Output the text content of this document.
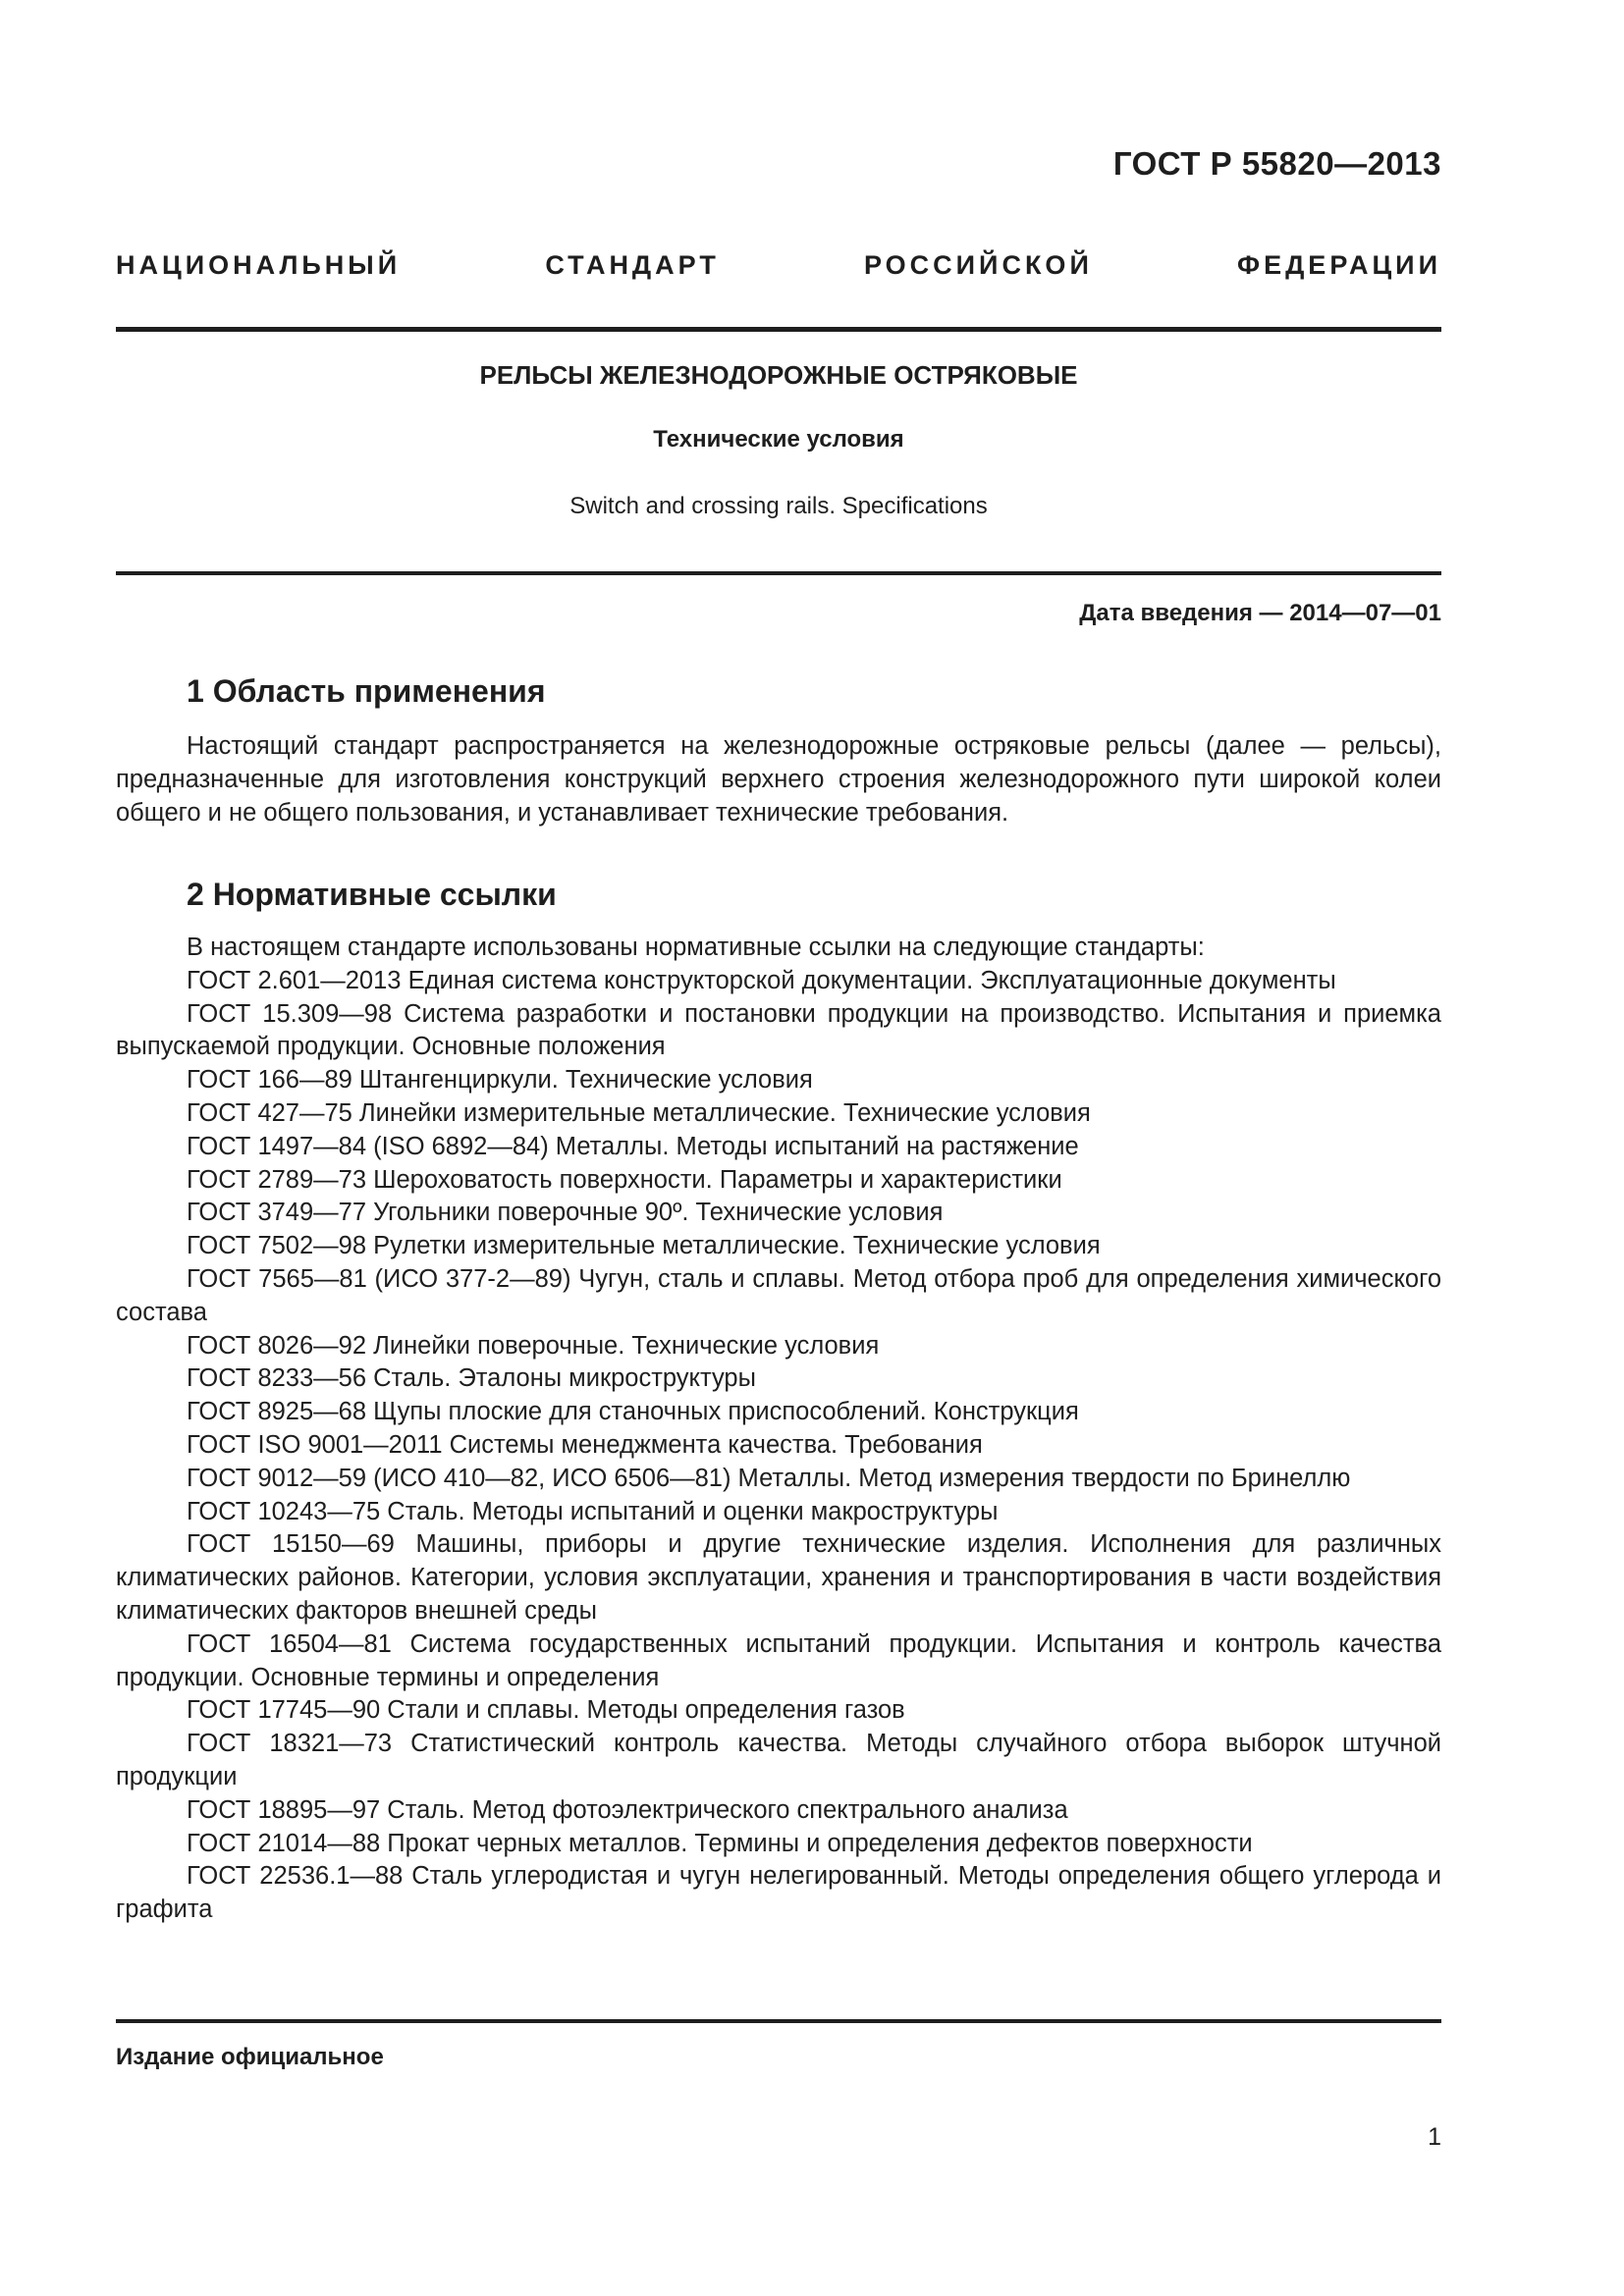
ГОСТ Р 55820—2013
НАЦИОНАЛЬНЫЙ СТАНДАРТ РОССИЙСКОЙ ФЕДЕРАЦИИ
РЕЛЬСЫ ЖЕЛЕЗНОДОРОЖНЫЕ ОСТРЯКОВЫЕ
Технические условия
Switch and crossing rails. Specifications
Дата введения — 2014—07—01
1 Область применения
Настоящий стандарт распространяется на железнодорожные остряковые рельсы (далее — рельсы), предназначенные для изготовления конструкций верхнего строения железнодорожного пути широкой колеи общего и не общего пользования, и устанавливает технические требования.
2 Нормативные ссылки
В настоящем стандарте использованы нормативные ссылки на следующие стандарты:
ГОСТ 2.601—2013 Единая система конструкторской документации. Эксплуатационные документы
ГОСТ 15.309—98 Система разработки и постановки продукции на производство. Испытания и приемка выпускаемой продукции. Основные положения
ГОСТ 166—89 Штангенциркули. Технические условия
ГОСТ 427—75 Линейки измерительные металлические. Технические условия
ГОСТ 1497—84 (ISO 6892—84) Металлы. Методы испытаний на растяжение
ГОСТ 2789—73 Шероховатость поверхности. Параметры и характеристики
ГОСТ 3749—77 Угольники поверочные 90º. Технические условия
ГОСТ 7502—98 Рулетки измерительные металлические. Технические условия
ГОСТ 7565—81 (ИСО 377-2—89) Чугун, сталь и сплавы. Метод отбора проб для определения химического состава
ГОСТ 8026—92 Линейки поверочные. Технические условия
ГОСТ 8233—56 Сталь. Эталоны микроструктуры
ГОСТ 8925—68 Щупы плоские для станочных приспособлений. Конструкция
ГОСТ ISO 9001—2011 Системы менеджмента качества. Требования
ГОСТ 9012—59 (ИСО 410—82, ИСО 6506—81) Металлы. Метод измерения твердости по Бринеллю
ГОСТ 10243—75 Сталь. Методы испытаний и оценки макроструктуры
ГОСТ 15150—69 Машины, приборы и другие технические изделия. Исполнения для различных климатических районов. Категории, условия эксплуатации, хранения и транспортирования в части воздействия климатических факторов внешней среды
ГОСТ 16504—81 Система государственных испытаний продукции. Испытания и контроль качества продукции. Основные термины и определения
ГОСТ 17745—90 Стали и сплавы. Методы определения газов
ГОСТ 18321—73 Статистический контроль качества. Методы случайного отбора выборок штучной продукции
ГОСТ 18895—97 Сталь. Метод фотоэлектрического спектрального анализа
ГОСТ 21014—88 Прокат черных металлов. Термины и определения дефектов поверхности
ГОСТ 22536.1—88 Сталь углеродистая и чугун нелегированный. Методы определения общего углерода и графита
Издание официальное
1
